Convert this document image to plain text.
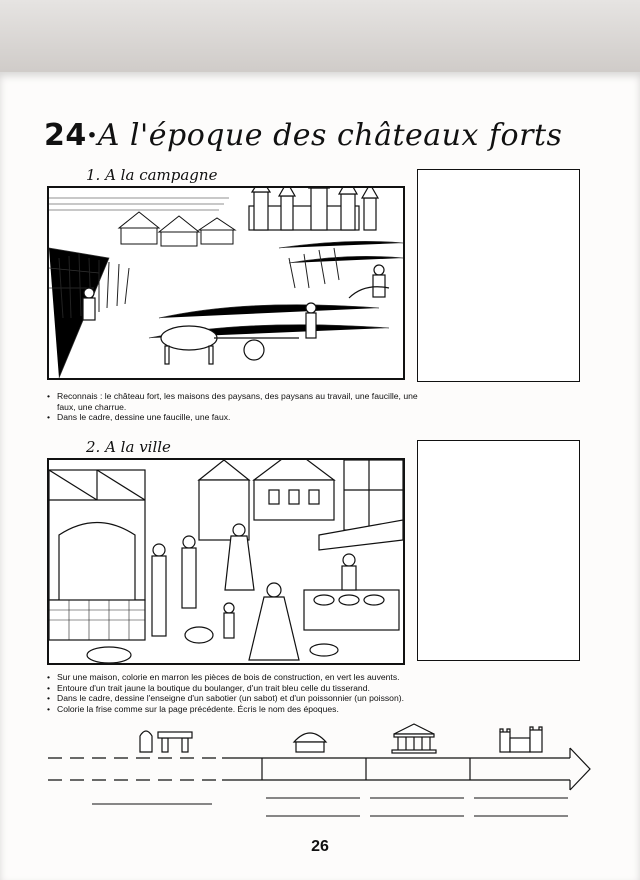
24·A l'époque des châteaux forts
1. A la campagne
• Reconnais : le château fort, les maisons des paysans, des paysans au travail, une faucille, une faux, une charrue.
• Dans le cadre, dessine une faucille, une faux.
2. A la ville
• Sur une maison, colorie en marron les pièces de bois de construction, en vert les auvents.
• Entoure d'un trait jaune la boutique du boulanger, d'un trait bleu celle du tisserand.
• Dans le cadre, dessine l'enseigne d'un sabotier (un sabot) et d'un poissonnier (un poisson).
• Colorie la frise comme sur la page précédente. Écris le nom des époques.
26
